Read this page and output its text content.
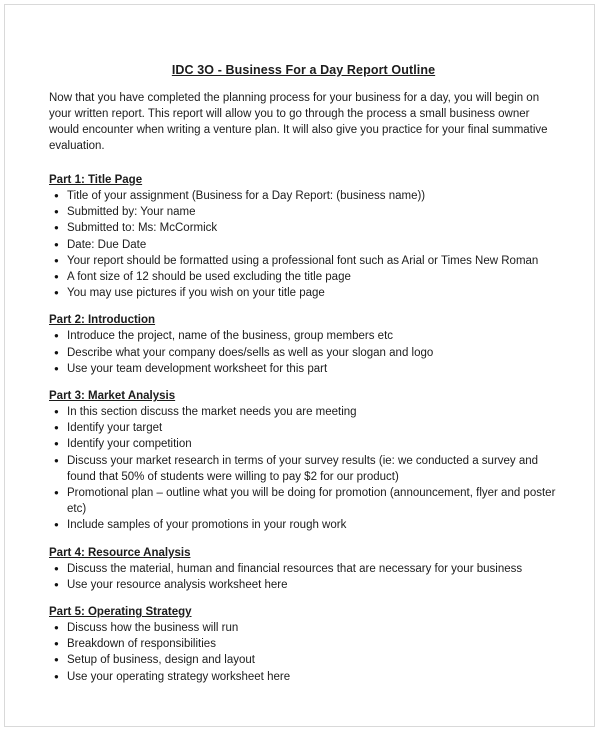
IDC 3O - Business For a Day Report Outline

Now that you have completed the planning process for your business for a day, you will begin on your written report. This report will allow you to go through the process a small business owner would encounter when writing a venture plan. It will also give you practice for your final summative evaluation.

Part 1: Title Page
● Title of your assignment (Business for a Day Report: (business name))
● Submitted by: Your name
● Submitted to: Ms: McCormick
● Date: Due Date
● Your report should be formatted using a professional font such as Arial or Times New Roman
● A font size of 12 should be used excluding the title page
● You may use pictures if you wish on your title page
Part 2: Introduction
● Introduce the project, name of the business, group members etc
● Describe what your company does/sells as well as your slogan and logo
● Use your team development worksheet for this part
Part 3: Market Analysis
● In this section discuss the market needs you are meeting
● Identify your target
● Identify your competition
● Discuss your market research in terms of your survey results (ie: we conducted a survey and found that 50% of students were willing to pay $2 for our product)
● Promotional plan – outline what you will be doing for promotion (announcement, flyer and poster etc)
● Include samples of your promotions in your rough work
Part 4: Resource Analysis
● Discuss the material, human and financial resources that are necessary for your business
● Use your resource analysis worksheet here
Part 5: Operating Strategy
● Discuss how the business will run
● Breakdown of responsibilities
● Setup of business, design and layout
● Use your operating strategy worksheet here
